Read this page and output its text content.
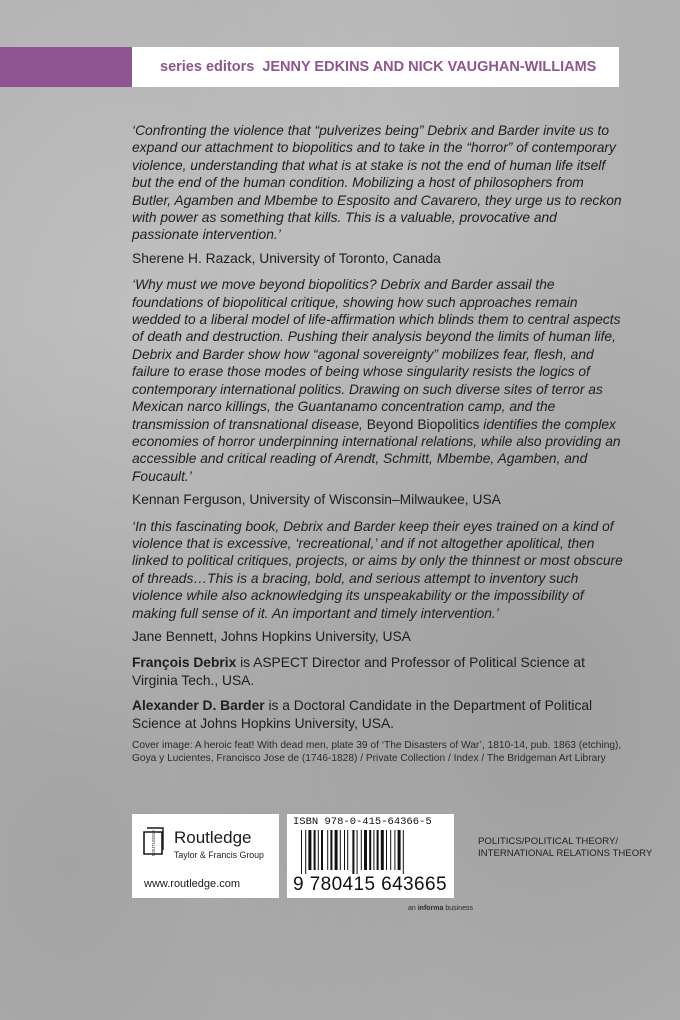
series editors JENNY EDKINS AND NICK VAUGHAN-WILLIAMS

‘Confronting the violence that “pulverizes being” Debrix and Barder invite us to expand our attachment to biopolitics and to take in the “horror” of contemporary violence, understanding that what is at stake is not the end of human life itself but the end of the human condition. Mobilizing a host of philosophers from Butler, Agamben and Mbembe to Esposito and Cavarero, they urge us to reckon with power as something that kills. This is a valuable, provocative and passionate intervention.’

Sherene H. Razack, University of Toronto, Canada

‘Why must we move beyond biopolitics? Debrix and Barder assail the foundations of biopolitical critique, showing how such approaches remain wedded to a liberal model of life-affirmation which blinds them to central aspects of death and destruction. Pushing their analysis beyond the limits of human life, Debrix and Barder show how “agonal sovereignty” mobilizes fear, flesh, and failure to erase those modes of being whose singularity resists the logics of contemporary international politics. Drawing on such diverse sites of terror as Mexican narco killings, the Guantanamo concentration camp, and the transmission of transnational disease, Beyond Biopolitics identifies the complex economies of horror underpinning international relations, while also providing an accessible and critical reading of Arendt, Schmitt, Mbembe, Agamben, and Foucault.’

Kennan Ferguson, University of Wisconsin–Milwaukee, USA

‘In this fascinating book, Debrix and Barder keep their eyes trained on a kind of violence that is excessive, ‘recreational,’ and if not altogether apolitical, then linked to political critiques, projects, or aims by only the thinnest or most obscure of threads…This is a bracing, bold, and serious attempt to inventory such violence while also acknowledging its unspeakability or the impossibility of making full sense of it. An important and timely intervention.’

Jane Bennett, Johns Hopkins University, USA

François Debrix is ASPECT Director and Professor of Political Science at Virginia Tech., USA.

Alexander D. Barder is a Doctoral Candidate in the Department of Political Science at Johns Hopkins University, USA.

Cover image: A heroic feat! With dead men, plate 39 of ‘The Disasters of War’, 1810-14, pub. 1863 (etching), Goya y Lucientes, Francisco Jose de (1746-1828) / Private Collection / Index / The Bridgeman Art Library
ROUTLEDGE Routledge
Taylor & Francis Group
www.routledge.com
ISBN 978-0-415-64366-5
9 780415 643665
POLITICS/POLITICAL THEORY/
INTERNATIONAL RELATIONS THEORY
an informa business
